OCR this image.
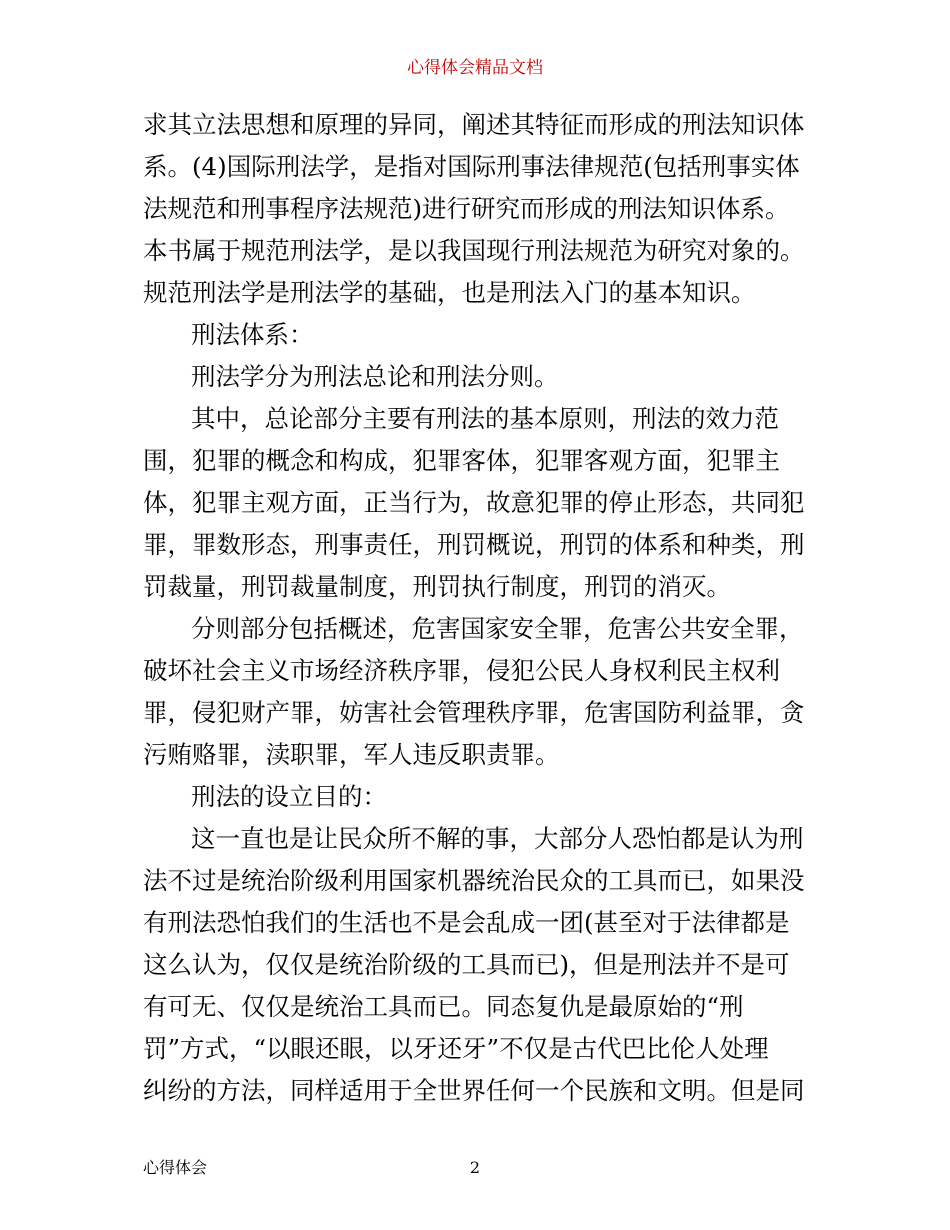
心得体会精品文档
求其立法思想和原理的异同，阐述其特征而形成的刑法知识体
系。(4)国际刑法学，是指对国际刑事法律规范(包括刑事实体
法规范和刑事程序法规范)进行研究而形成的刑法知识体系。
本书属于规范刑法学，是以我国现行刑法规范为研究对象的。
规范刑法学是刑法学的基础，也是刑法入门的基本知识。
刑法体系：
刑法学分为刑法总论和刑法分则。
其中，总论部分主要有刑法的基本原则，刑法的效力范
围，犯罪的概念和构成，犯罪客体，犯罪客观方面，犯罪主
体，犯罪主观方面，正当行为，故意犯罪的停止形态，共同犯
罪，罪数形态，刑事责任，刑罚概说，刑罚的体系和种类，刑
罚裁量，刑罚裁量制度，刑罚执行制度，刑罚的消灭。
分则部分包括概述，危害国家安全罪，危害公共安全罪，
破坏社会主义市场经济秩序罪，侵犯公民人身权利民主权利
罪，侵犯财产罪，妨害社会管理秩序罪，危害国防利益罪，贪
污贿赂罪，渎职罪，军人违反职责罪。
刑法的设立目的：
这一直也是让民众所不解的事，大部分人恐怕都是认为刑
法不过是统治阶级利用国家机器统治民众的工具而已，如果没
有刑法恐怕我们的生活也不是会乱成一团(甚至对于法律都是
这么认为，仅仅是统治阶级的工具而已)，但是刑法并不是可
有可无、仅仅是统治工具而已。同态复仇是最原始的“刑
罚”方式，“以眼还眼，以牙还牙”不仅是古代巴比伦人处理
纠纷的方法，同样适用于全世界任何一个民族和文明。但是同
心得体会	2
